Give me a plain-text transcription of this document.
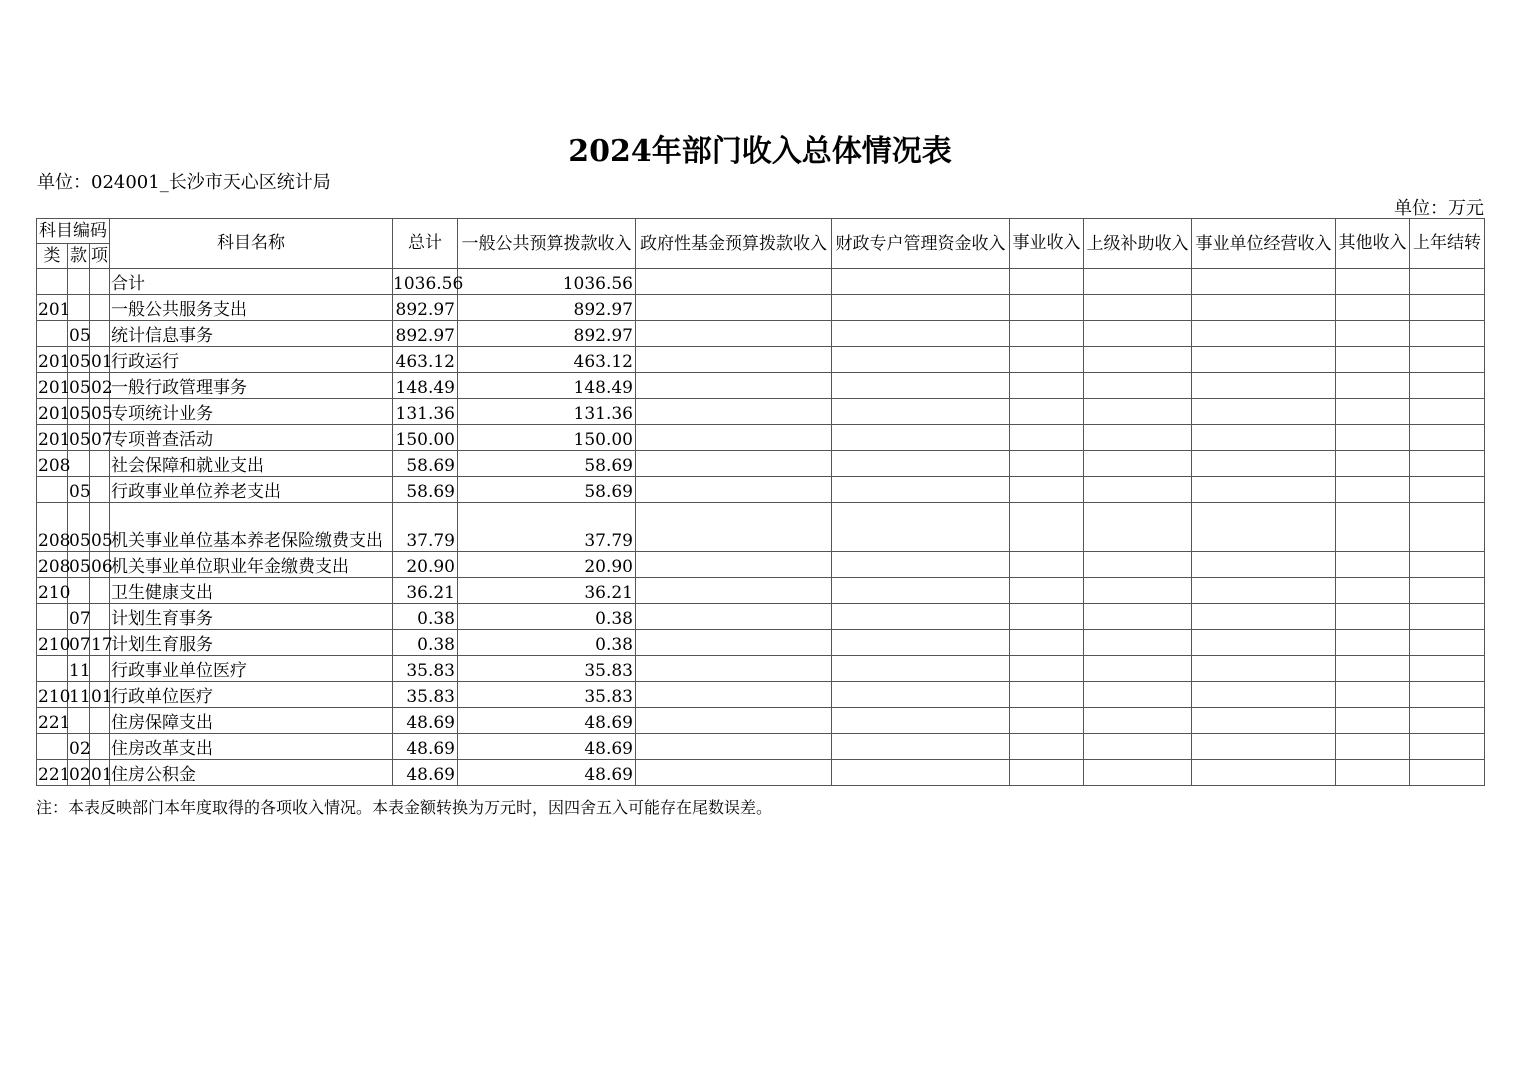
2024年部门收入总体情况表
单位：024001_长沙市天心区统计局
单位：万元
科目编码			科目名称	总计	一般公共预算拨款收入	政府性基金预算拨款收入	财政专户管理资金收入	事业收入	上级补助收入	事业单位经营收入	其他收入	上年结转
类	款	项										
			合计	1036.56	1036.56							
201			一般公共服务支出	892.97	892.97							
	05		统计信息事务	892.97	892.97							
201	05	01	行政运行	463.12	463.12							
201	05	02	一般行政管理事务	148.49	148.49							
201	05	05	专项统计业务	131.36	131.36							
201	05	07	专项普查活动	150.00	150.00							
208			社会保障和就业支出	58.69	58.69							
	05		行政事业单位养老支出	58.69	58.69							
208	05	05	机关事业单位基本养老保险缴费支出	37.79	37.79							
208	05	06	机关事业单位职业年金缴费支出	20.90	20.90							
210			卫生健康支出	36.21	36.21							
	07		计划生育事务	0.38	0.38							
210	07	17	计划生育服务	0.38	0.38							
	11		行政事业单位医疗	35.83	35.83							
210	11	01	行政单位医疗	35.83	35.83							
221			住房保障支出	48.69	48.69							
	02		住房改革支出	48.69	48.69							
221	02	01	住房公积金	48.69	48.69							
注：本表反映部门本年度取得的各项收入情况。本表金额转换为万元时，因四舍五入可能存在尾数误差。
